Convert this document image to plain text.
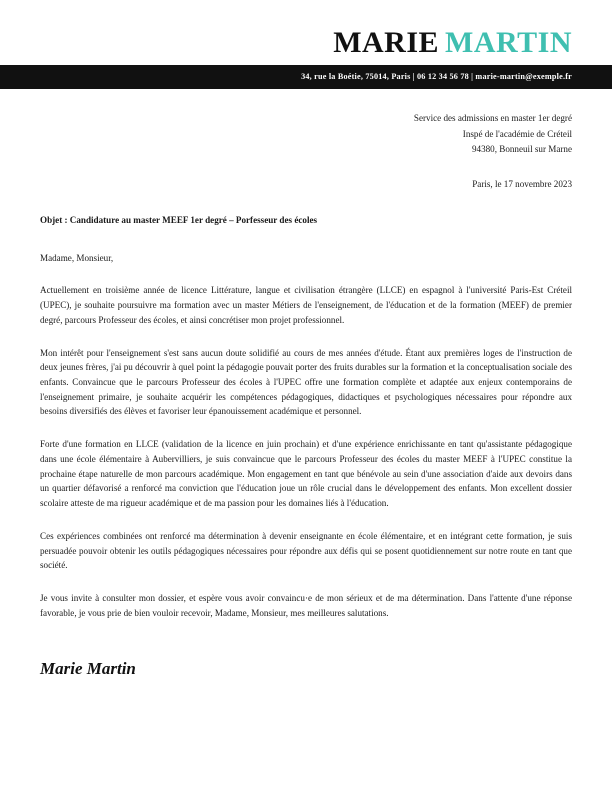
MARIE MARTIN
34, rue la Boétie, 75014, Paris | 06 12 34 56 78 | marie-martin@exemple.fr
Service des admissions en master 1er degré
Inspé de l'académie de Créteil
94380, Bonneuil sur Marne
Paris, le 17 novembre 2023
Objet : Candidature au master MEEF 1er degré – Porfesseur des écoles
Madame, Monsieur,

Actuellement en troisième année de licence Littérature, langue et civilisation étrangère (LLCE) en espagnol à l'université Paris-Est Créteil (UPEC), je souhaite poursuivre ma formation avec un master Métiers de l'enseignement, de l'éducation et de la formation (MEEF) de premier degré, parcours Professeur des écoles, et ainsi concrétiser mon projet professionnel.

Mon intérêt pour l'enseignement s'est sans aucun doute solidifié au cours de mes années d'étude. Étant aux premières loges de l'instruction de deux jeunes frères, j'ai pu découvrir à quel point la pédagogie pouvait porter des fruits durables sur la formation et la conceptualisation sociale des enfants. Convaincue que le parcours Professeur des écoles à l'UPEC offre une formation complète et adaptée aux enjeux contemporains de l'enseignement primaire, je souhaite acquérir les compétences pédagogiques, didactiques et psychologiques nécessaires pour répondre aux besoins diversifiés des élèves et favoriser leur épanouissement académique et personnel.

Forte d'une formation en LLCE (validation de la licence en juin prochain) et d'une expérience enrichissante en tant qu'assistante pédagogique dans une école élémentaire à Aubervilliers, je suis convaincue que le parcours Professeur des écoles du master MEEF à l'UPEC constitue la prochaine étape naturelle de mon parcours académique. Mon engagement en tant que bénévole au sein d'une association d'aide aux devoirs dans un quartier défavorisé a renforcé ma conviction que l'éducation joue un rôle crucial dans le développement des enfants. Mon excellent dossier scolaire atteste de ma rigueur académique et de ma passion pour les domaines liés à l'éducation.

Ces expériences combinées ont renforcé ma détermination à devenir enseignante en école élémentaire, et en intégrant cette formation, je suis persuadée pouvoir obtenir les outils pédagogiques nécessaires pour répondre aux défis qui se posent quotidiennement sur notre route en tant que société.

Je vous invite à consulter mon dossier, et espère vous avoir convaincu·e de mon sérieux et de ma détermination. Dans l'attente d'une réponse favorable, je vous prie de bien vouloir recevoir, Madame, Monsieur, mes meilleures salutations.

Marie Martin
